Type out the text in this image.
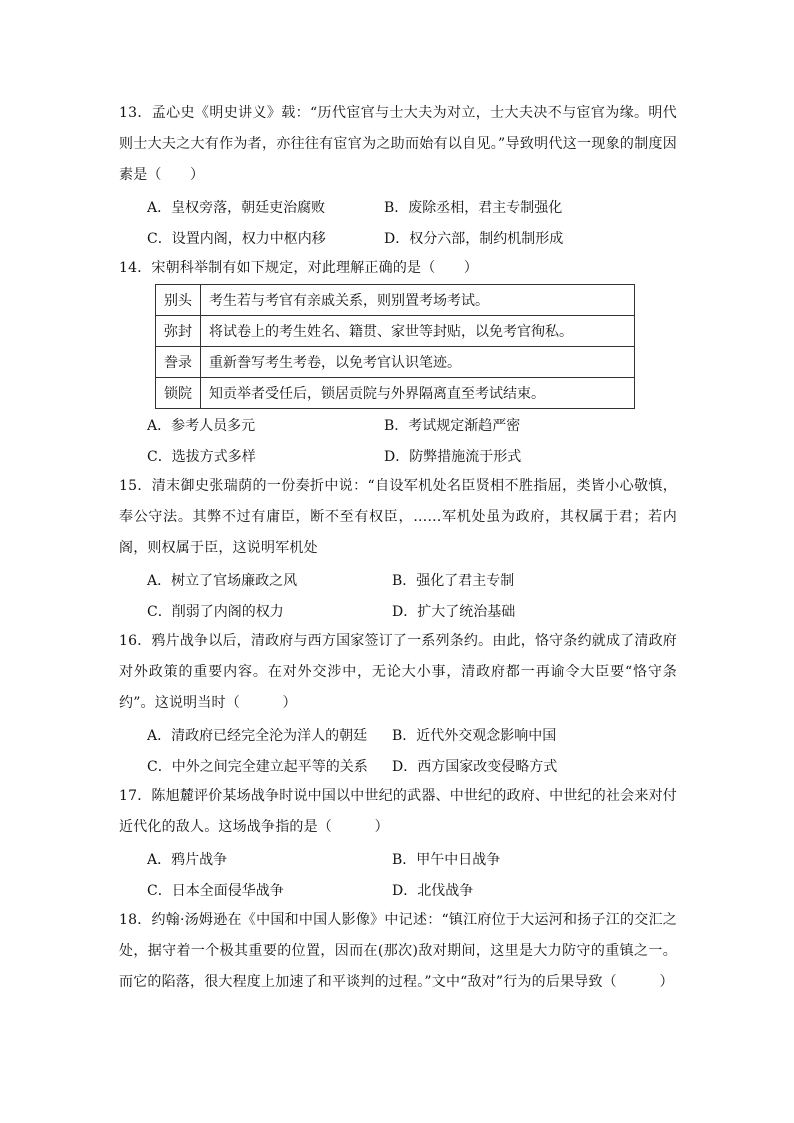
13．孟心史《明史讲义》载：“历代宦官与士大夫为对立，士大夫决不与宦官为缘。明代则士大夫之大有作为者，亦往往有宦官为之助而始有以自见。”导致明代这一现象的制度因素是（　　）

A．皇权旁落，朝廷吏治腐败	B．废除丞相，君主专制强化
C．设置内阁，权力中枢内移	D．权分六部，制约机制形成

14．宋朝科举制有如下规定，对此理解正确的是（　　）

别头	考生若与考官有亲戚关系，则别置考场考试。
弥封	将试卷上的考生姓名、籍贯、家世等封贴，以免考官徇私。
誊录	重新誊写考生考卷，以免考官认识笔迹。
锁院	知贡举者受任后，锁居贡院与外界隔离直至考试结束。
A．参考人员多元	B．考试规定渐趋严密
C．选拔方式多样	D．防弊措施流于形式

15．清末御史张瑞荫的一份奏折中说：“自设军机处名臣贤相不胜指屈，类皆小心敬慎，奉公守法。其弊不过有庸臣，断不至有权臣，……军机处虽为政府，其权属于君；若内阁，则权属于臣，这说明军机处

A．树立了官场廉政之风	B．强化了君主专制
C．削弱了内阁的权力	D．扩大了统治基础

16．鸦片战争以后，清政府与西方国家签订了一系列条约。由此，恪守条约就成了清政府对外政策的重要内容。在对外交涉中，无论大小事，清政府都一再谕令大臣要“恪守条约”。这说明当时（　　　）

A．清政府已经完全沦为洋人的朝廷	B．近代外交观念影响中国
C．中外之间完全建立起平等的关系	D．西方国家改变侵略方式

17．陈旭麓评价某场战争时说中国以中世纪的武器、中世纪的政府、中世纪的社会来对付近代化的敌人。这场战争指的是（　　　）

A．鸦片战争	B．甲午中日战争
C．日本全面侵华战争	D．北伐战争

18．约翰·汤姆逊在《中国和中国人影像》中记述：“镇江府位于大运河和扬子江的交汇之处，据守着一个极其重要的位置，因而在(那次)敌对期间，这里是大力防守的重镇之一。而它的陷落，很大程度上加速了和平谈判的过程。”文中“敌对”行为的后果导致（　　　）
